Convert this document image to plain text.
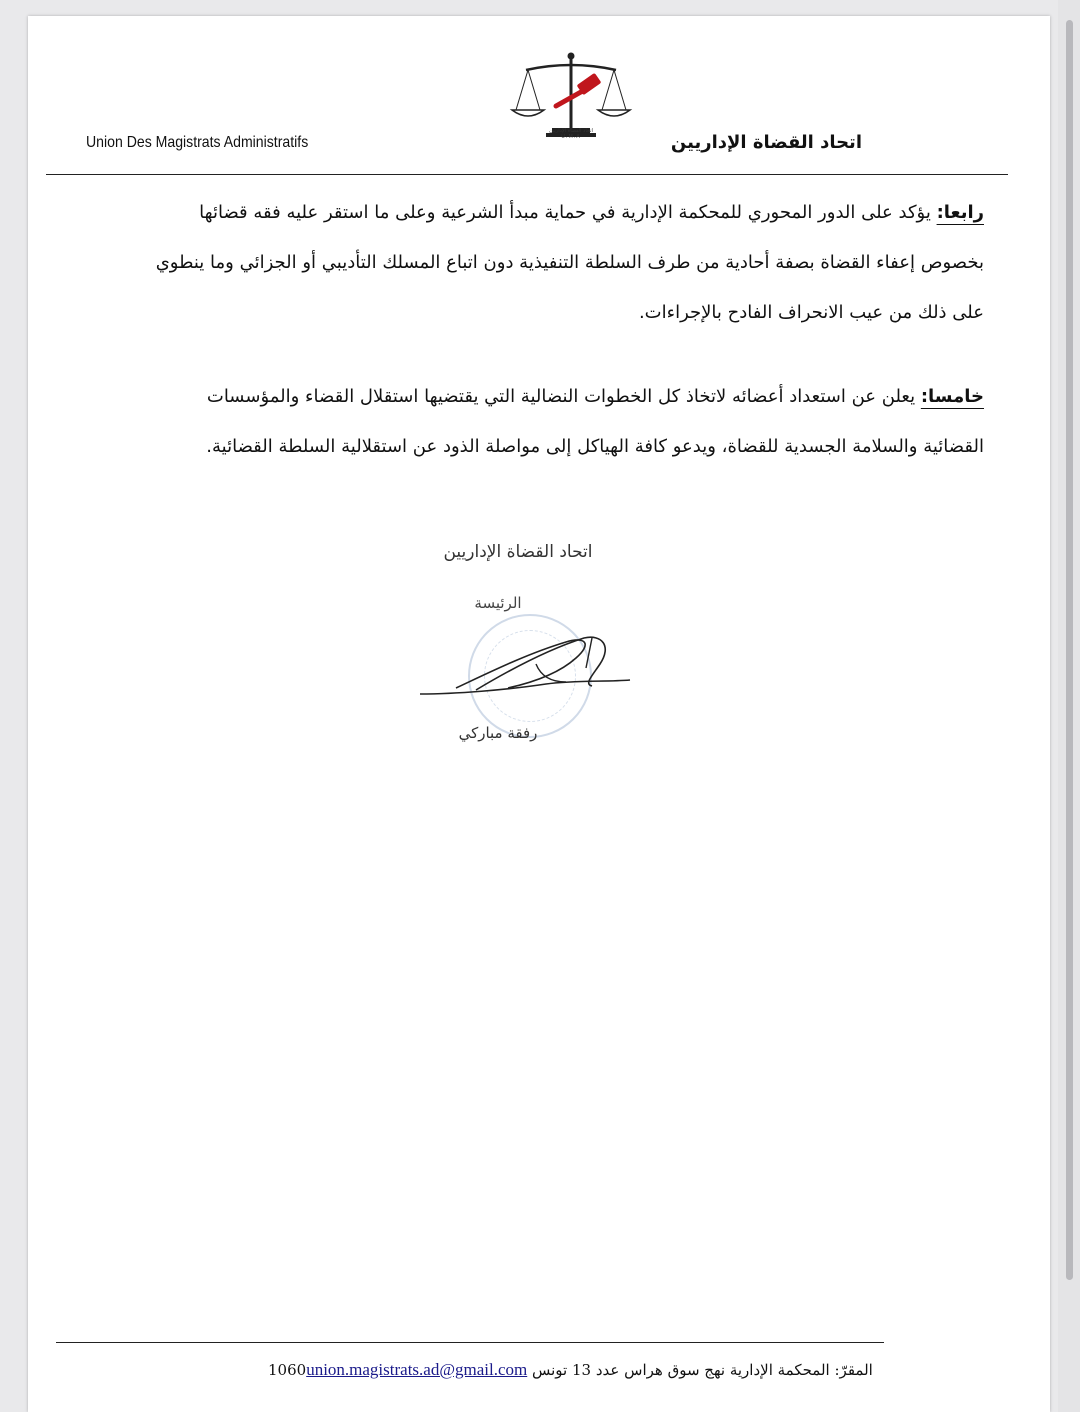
اتحاد القضاة الإداريين
U.M.A
Union Des Magistrats Administratifs	اتحاد القضاة الإداريين
رابعا: يؤكد على الدور المحوري للمحكمة الإدارية في حماية مبدأ الشرعية وعلى ما استقر عليه فقه قضائها
بخصوص إعفاء القضاة بصفة أحادية من طرف السلطة التنفيذية دون اتباع المسلك التأديبي أو الجزائي وما ينطوي
على ذلك من عيب الانحراف الفادح بالإجراءات.
خامسا: يعلن عن استعداد أعضائه لاتخاذ كل الخطوات النضالية التي يقتضيها استقلال القضاء والمؤسسات
القضائية والسلامة الجسدية للقضاة، ويدعو كافة الهياكل إلى مواصلة الذود عن استقلالية السلطة القضائية.
اتحاد القضاة الإداريين
الرئيسة
رفقة مباركي
المقرّ: المحكمة الإدارية نهج سوق هراس عدد 13 تونس 1060union.magistrats.ad@gmail.com
